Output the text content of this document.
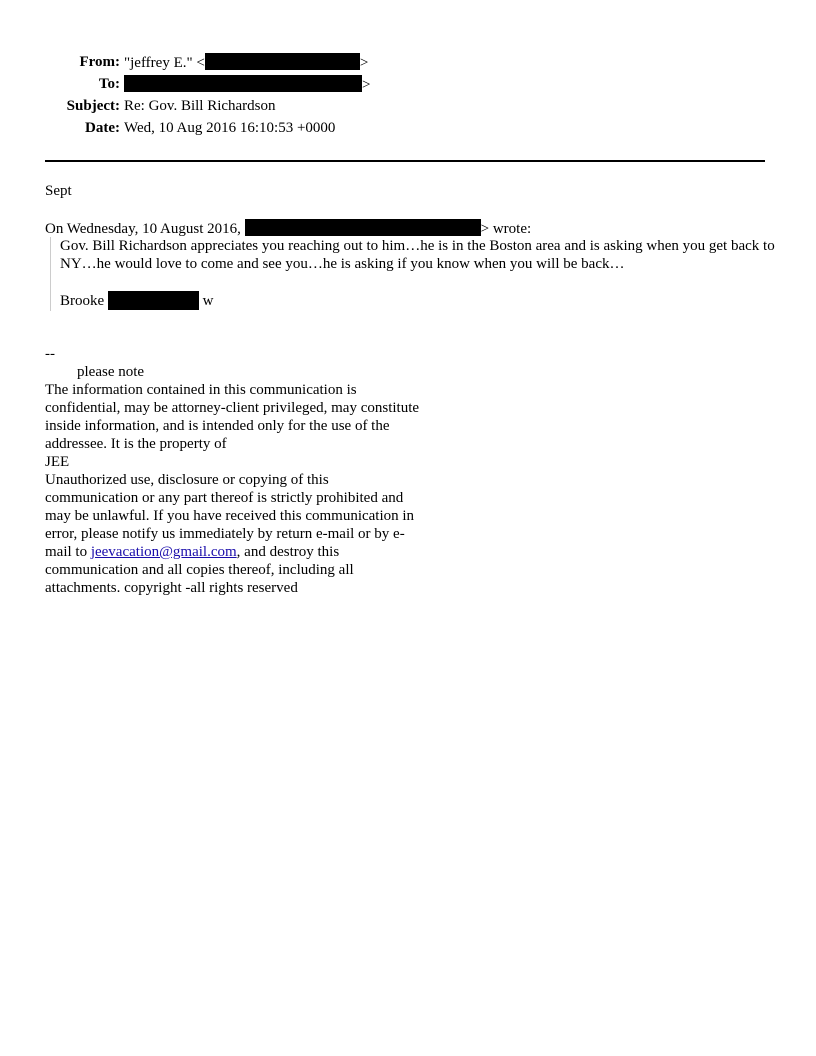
From: "jeffrey E." <	>
To:	>
Subject: Re: Gov. Bill Richardson
Date: Wed, 10 Aug 2016 16:10:53 +0000

Sept

On Wednesday, 10 August 2016,	> wrote:

Gov. Bill Richardson appreciates you reaching out to him…he is in the Boston area and is asking when you get back to NY…he would love to come and see you…he is asking if you know when you will be back…

Brooke	w

--

please note

The information contained in this communication is confidential, may be attorney-client privileged, may constitute inside information, and is intended only for the use of the addressee. It is the property of

JEE

Unauthorized use, disclosure or copying of this communication or any part thereof is strictly prohibited and may be unlawful. If you have received this communication in error, please notify us immediately by return e-mail or by e-mail to jeevacation@gmail.com, and destroy this communication and all copies thereof, including all attachments. copyright -all rights reserved
